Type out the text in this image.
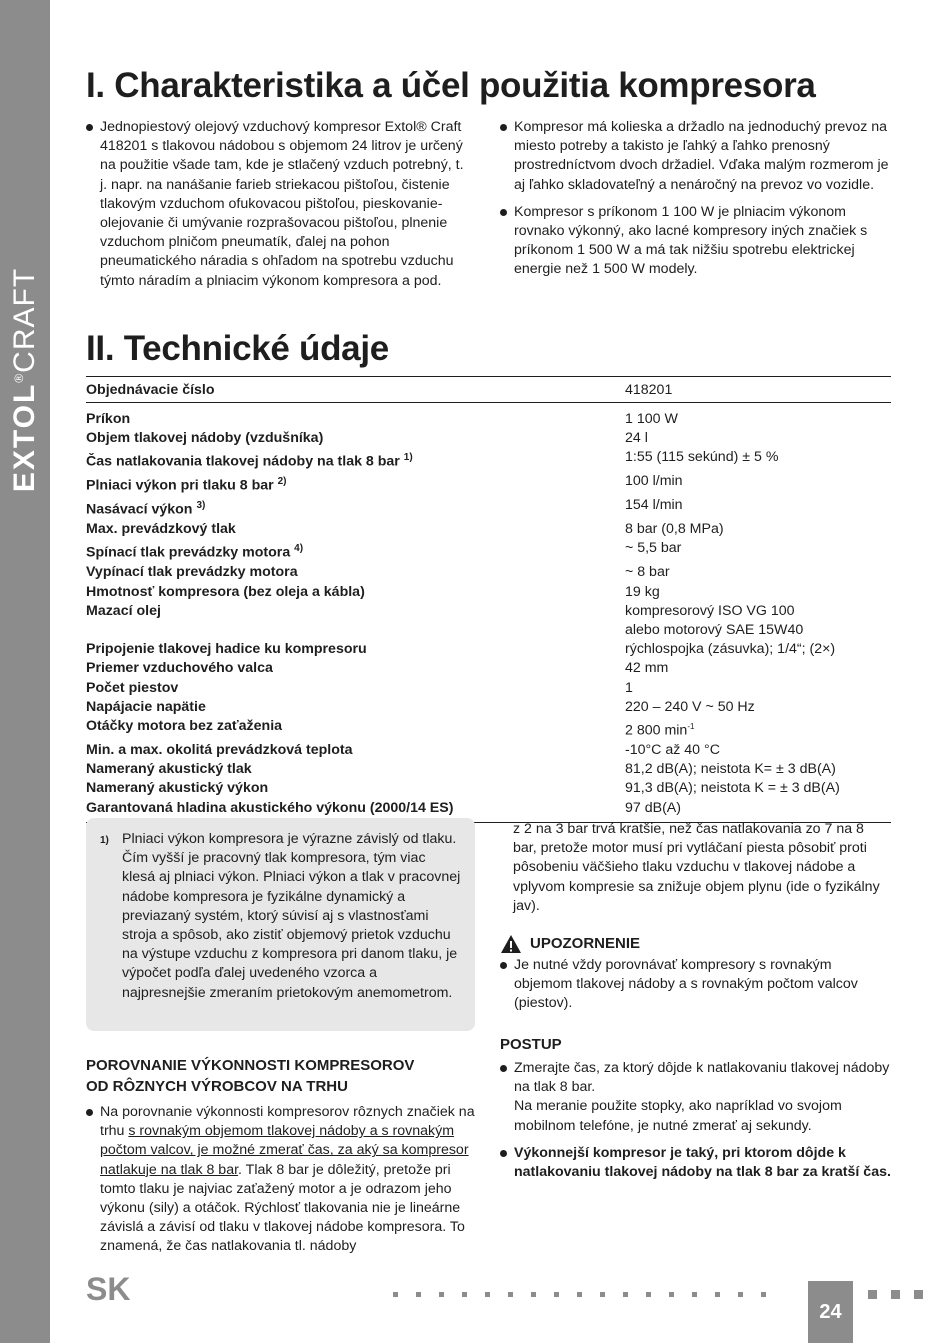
EXTOL®CRAFT
I. Charakteristika a účel použitia kompresora
Jednopiestový olejový vzduchový kompresor Extol® Craft 418201 s tlakovou nádobou s objemom 24 litrov je určený na použitie všade tam, kde je stlačený vzduch potrebný, t. j. napr. na nanášanie farieb striekacou pištoľou, čistenie tlakovým vzduchom ofukovacou pištoľou, pieskovanie-olejovanie či umývanie rozprašovacou pištoľou, plnenie vzduchom plničom pneumatík, ďalej na pohon pneumatického náradia s ohľadom na spotrebu vzduchu týmto náradím a plniacim výkonom kompresora a pod.
Kompresor má kolieska a držadlo na jednoduchý prevoz na miesto potreby a takisto je ľahký a ľahko prenosný prostredníctvom dvoch držadiel. Vďaka malým rozmerom je aj ľahko skladovateľný a nenáročný na prevoz vo vozidle.
Kompresor s príkonom 1 100 W je plniacim výkonom rovnako výkonný, ako lacné kompresory iných značiek s príkonom 1 500 W a má tak nižšiu spotrebu elektrickej energie než 1 500 W modely.
II. Technické údaje
Objednávacie číslo	418201
Príkon	1 100 W
Objem tlakovej nádoby (vzdušníka)	24 l
Čas natlakovania tlakovej nádoby na tlak 8 bar $^{1)}$	1:55 (115 sekúnd) ± 5 %
Plniaci výkon pri tlaku 8 bar $^{2)}$	100 l/min
Nasávací výkon $^{3)}$	154 l/min
Max. prevádzkový tlak	8 bar (0,8 MPa)
Spínací tlak prevádzky motora $^{4)}$	~ 5,5 bar
Vypínací tlak prevádzky motora	~ 8 bar
Hmotnosť kompresora (bez oleja a kábla)	19 kg
Mazací olej	kompresorový ISO VG 100
alebo motorový SAE 15W40
Pripojenie tlakovej hadice ku kompresoru	rýchlospojka (zásuvka); 1/4“; (2×)
Priemer vzduchového valca	42 mm
Počet piestov	1
Napájacie napätie	220 – 240 V ~ 50 Hz
Otáčky motora bez zaťaženia	2 800 $\min^{-1}$
Min. a max. okolitá prevádzková teplota	-10°C až 40 °C
Nameraný akustický tlak	81,2 dB(A); neistota K= ± 3 dB(A)
Nameraný akustický výkon	91,3 dB(A); neistota K = ± 3 dB(A)
Garantovaná hladina akustického výkonu (2000/14 ES)	97 dB(A)
1) Plniaci výkon kompresora je výrazne závislý od tlaku. Čím vyšší je pracovný tlak kompresora, tým viac klesá aj plniaci výkon. Plniaci výkon a tlak v pracovnej nádobe kompresora je fyzikálne dynamický a previazaný systém, ktorý súvisí aj s vlastnosťami stroja a spôsob, ako zistiť objemový prietok vzduchu na výstupe vzduchu z kompresora pri danom tlaku, je výpočet podľa ďalej uvedeného vzorca a najpresnejšie zmeraním prietokovým anemometrom.
POROVNANIE VÝKONNOSTI KOMPRESOROV
OD RÔZNYCH VÝROBCOV NA TRHU
Na porovnanie výkonnosti kompresorov rôznych značiek na trhu s rovnakým objemom tlakovej nádoby a s rovnakým počtom valcov, je možné zmerať čas, za aký sa kompresor natlakuje na tlak 8 bar. Tlak 8 bar je dôležitý, pretože pri tomto tlaku je najviac zaťažený motor a je odrazom jeho výkonu (sily) a otáčok. Rýchlosť tlakovania nie je lineárne závislá a závisí od tlaku v tlakovej nádobe kompresora. To znamená, že čas natlakovania tl. nádoby
z 2 na 3 bar trvá kratšie, než čas natlakovania zo 7 na 8 bar, pretože motor musí pri vytláčaní piesta pôsobiť proti pôsobeniu väčšieho tlaku vzduchu v tlakovej nádobe a vplyvom kompresie sa znižuje objem plynu (ide o fyzikálny jav).
UPOZORNENIE
Je nutné vždy porovnávať kompresory s rovnakým objemom tlakovej nádoby a s rovnakým počtom valcov (piestov).
POSTUP
Zmerajte čas, za ktorý dôjde k natlakovaniu tlakovej nádoby na tlak 8 bar.
Na meranie použite stopky, ako napríklad vo svojom mobilnom telefóne, je nutné zmerať aj sekundy.
Výkonnejší kompresor je taký, pri ktorom dôjde k natlakovaniu tlakovej nádoby na tlak 8 bar za kratší čas.
SK
24
